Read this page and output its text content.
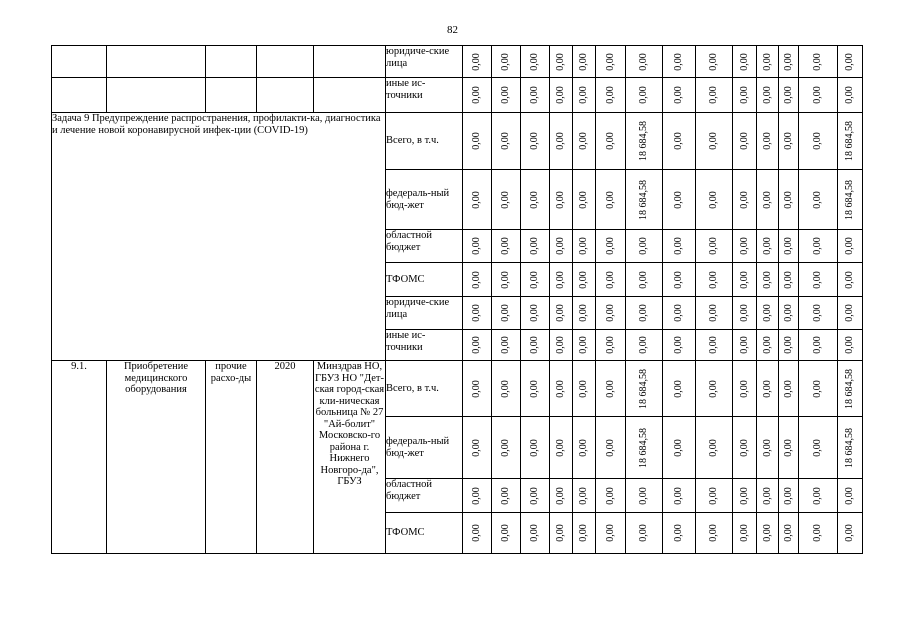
82
					юридиче-ские лица	0,00	0,00	0,00	0,00	0,00	0,00	0,00	0,00	0,00	0,00	0,00	0,00	0,00	0,00

					иные ис-точники	0,00	0,00	0,00	0,00	0,00	0,00	0,00	0,00	0,00	0,00	0,00	0,00	0,00	0,00

Задача 9 Предупреждение распространения, профилакти-ка, диагностика и лечение новой коронавирусной инфек-ции (COVID-19)					Всего, в т.ч.	0,00	0,00	0,00	0,00	0,00	0,00	18 684,58	0,00	0,00	0,00	0,00	0,00	0,00	18 684,58

					федераль-ный бюд-жет	0,00	0,00	0,00	0,00	0,00	0,00	18 684,58	0,00	0,00	0,00	0,00	0,00	0,00	18 684,58

					областной бюджет	0,00	0,00	0,00	0,00	0,00	0,00	0,00	0,00	0,00	0,00	0,00	0,00	0,00	0,00

					ТФОМС	0,00	0,00	0,00	0,00	0,00	0,00	0,00	0,00	0,00	0,00	0,00	0,00	0,00	0,00

					юридиче-ские лица	0,00	0,00	0,00	0,00	0,00	0,00	0,00	0,00	0,00	0,00	0,00	0,00	0,00	0,00

					иные ис-точники	0,00	0,00	0,00	0,00	0,00	0,00	0,00	0,00	0,00	0,00	0,00	0,00	0,00	0,00

9.1.	Приобретение медицинского оборудования	прочие расхо-ды	2020	Минздрав НО, ГБУЗ НО "Дет-ская город-ская кли-ническая больница № 27 "Ай-болит" Московско-го района г. Нижнего Новгоро-да", ГБУЗ	Всего, в т.ч.	0,00	0,00	0,00	0,00	0,00	0,00	18 684,58	0,00	0,00	0,00	0,00	0,00	0,00	18 684,58

					федераль-ный бюд-жет	0,00	0,00	0,00	0,00	0,00	0,00	18 684,58	0,00	0,00	0,00	0,00	0,00	0,00	18 684,58

					областной бюджет	0,00	0,00	0,00	0,00	0,00	0,00	0,00	0,00	0,00	0,00	0,00	0,00	0,00	0,00

					ТФОМС	0,00	0,00	0,00	0,00	0,00	0,00	0,00	0,00	0,00	0,00	0,00	0,00	0,00	0,00
